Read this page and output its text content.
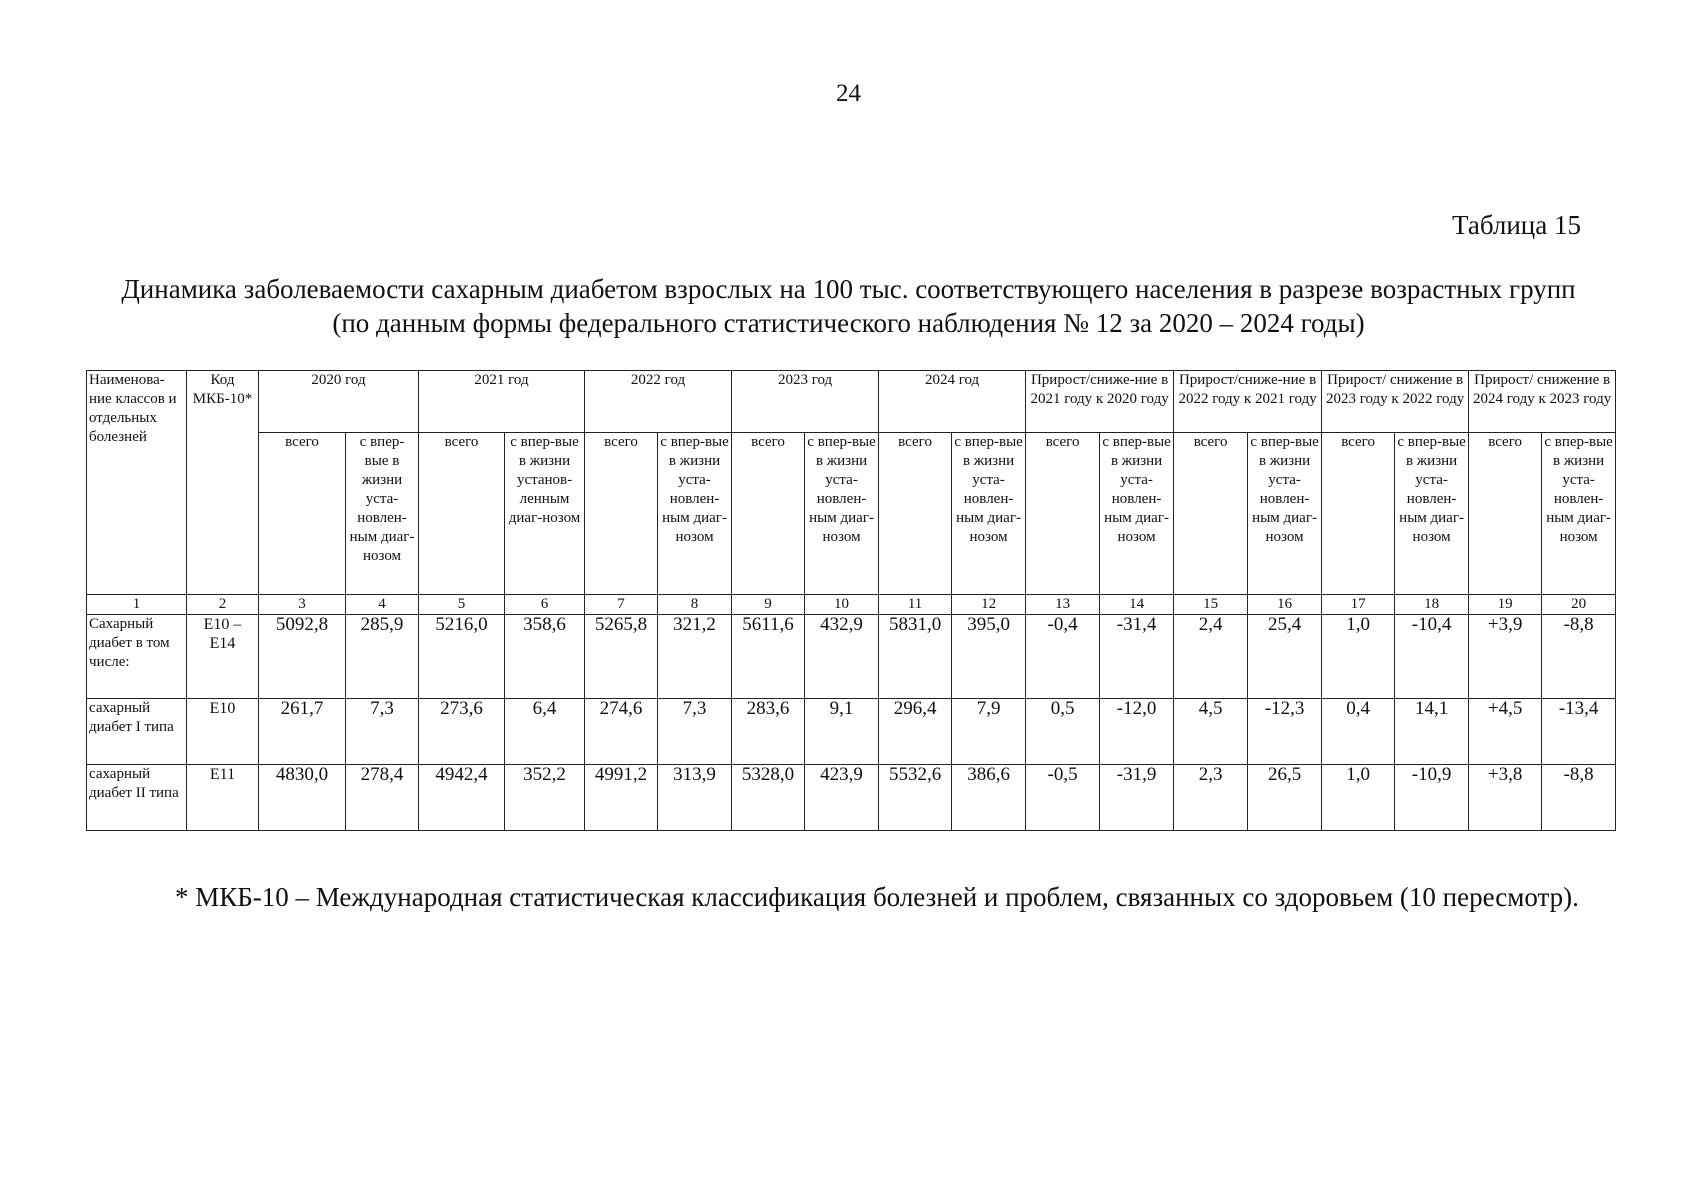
24
Таблица 15
Динамика заболеваемости сахарным диабетом взрослых на 100 тыс. соответствующего населения в разрезе возрастных групп (по данным формы федерального статистического наблюдения № 12 за 2020 – 2024 годы)
Наименова-ние классов и отдельных болезней	Код МКБ-10*	2020 год		2021 год		2022 год		2023 год		2024 год		Прирост/сниже-ние в 2021 году к 2020 году		Прирост/сниже-ние в 2022 году к 2021 году		Прирост/ снижение в 2023 году к 2022 году		Прирост/ снижение в 2024 году к 2023 году	
		всего	с впер-вые в жизни уста-новлен-ным диаг-нозом	всего	с впер-вые в жизни установ-ленным диаг-нозом	всего	с впер-вые в жизни уста-новлен-ным диаг-нозом	всего	с впер-вые в жизни уста-новлен-ным диаг-нозом	всего	с впер-вые в жизни уста-новлен-ным диаг-нозом	всего	с впер-вые в жизни уста-новлен-ным диаг-нозом	всего	с впер-вые в жизни уста-новлен-ным диаг-нозом	всего	с впер-вые в жизни уста-новлен-ным диаг-нозом	всего	с впер-вые в жизни уста-новлен-ным диаг-нозом
1	2	3	4	5	6	7	8	9	10	11	12	13	14	15	16	17	18	19	20
Сахарный диабет в том числе:	Е10 – Е14	5092,8	285,9	5216,0	358,6	5265,8	321,2	5611,6	432,9	5831,0	395,0	-0,4	-31,4	2,4	25,4	1,0	-10,4	+3,9	-8,8
сахарный диабет I типа	Е10	261,7	7,3	273,6	6,4	274,6	7,3	283,6	9,1	296,4	7,9	0,5	-12,0	4,5	-12,3	0,4	14,1	+4,5	-13,4
сахарный диабет II типа	Е11	4830,0	278,4	4942,4	352,2	4991,2	313,9	5328,0	423,9	5532,6	386,6	-0,5	-31,9	2,3	26,5	1,0	-10,9	+3,8	-8,8
* МКБ-10 – Международная статистическая классификация болезней и проблем, связанных со здоровьем (10 пересмотр).
